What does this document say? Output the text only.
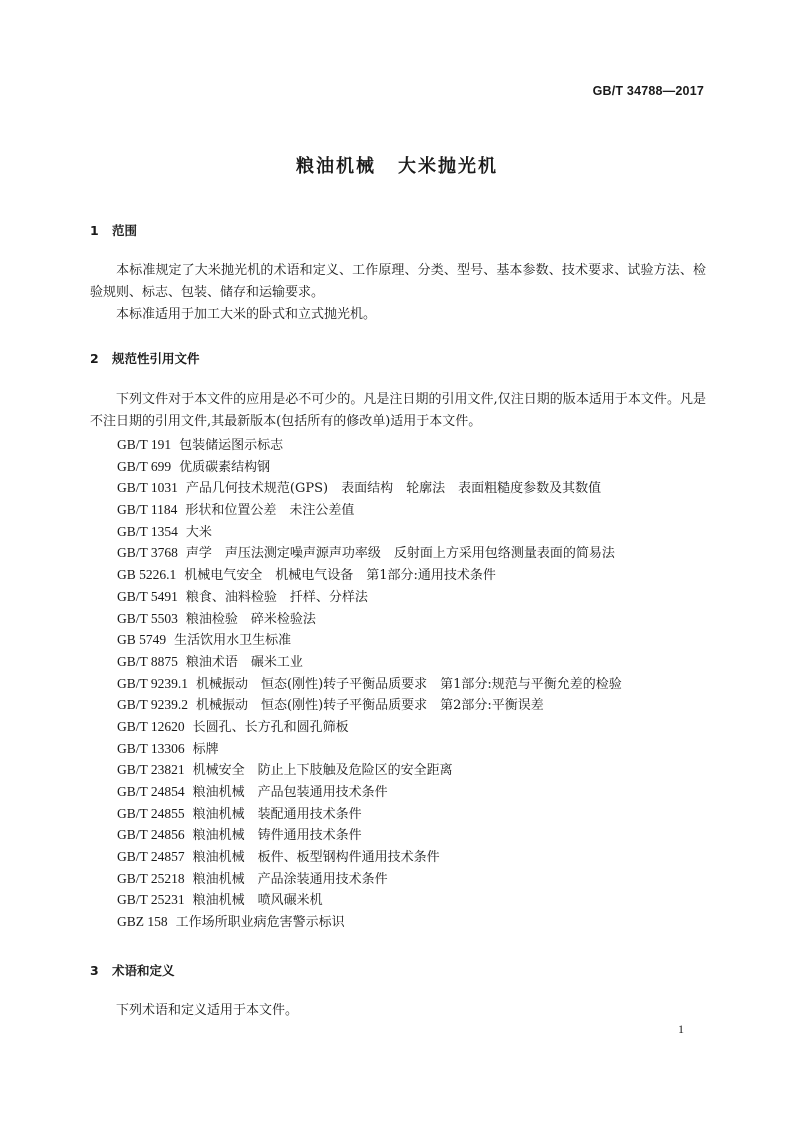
GB/T 34788—2017
粮油机械 大米抛光机
1 范围

本标准规定了大米抛光机的术语和定义、工作原理、分类、型号、基本参数、技术要求、试验方法、检验规则、标志、包装、储存和运输要求。

本标准适用于加工大米的卧式和立式抛光机。

2 规范性引用文件

下列文件对于本文件的应用是必不可少的。凡是注日期的引用文件,仅注日期的版本适用于本文件。凡是不注日期的引用文件,其最新版本(包括所有的修改单)适用于本文件。

GB/T 191 包装储运图示标志
GB/T 699 优质碳素结构钢
GB/T 1031 产品几何技术规范(GPS)　表面结构　轮廓法　表面粗糙度参数及其数值
GB/T 1184 形状和位置公差　未注公差值
GB/T 1354 大米
GB/T 3768 声学　声压法测定噪声源声功率级　反射面上方采用包络测量表面的简易法
GB 5226.1 机械电气安全　机械电气设备　第1部分:通用技术条件
GB/T 5491 粮食、油料检验　扦样、分样法
GB/T 5503 粮油检验　碎米检验法
GB 5749 生活饮用水卫生标准
GB/T 8875 粮油术语　碾米工业
GB/T 9239.1 机械振动　恒态(刚性)转子平衡品质要求　第1部分:规范与平衡允差的检验
GB/T 9239.2 机械振动　恒态(刚性)转子平衡品质要求　第2部分:平衡误差
GB/T 12620 长圆孔、长方孔和圆孔筛板
GB/T 13306 标牌
GB/T 23821 机械安全　防止上下肢触及危险区的安全距离
GB/T 24854 粮油机械　产品包装通用技术条件
GB/T 24855 粮油机械　装配通用技术条件
GB/T 24856 粮油机械　铸件通用技术条件
GB/T 24857 粮油机械　板件、板型钢构件通用技术条件
GB/T 25218 粮油机械　产品涂装通用技术条件
GB/T 25231 粮油机械　喷风碾米机
GBZ 158 工作场所职业病危害警示标识
3 术语和定义

下列术语和定义适用于本文件。

1
